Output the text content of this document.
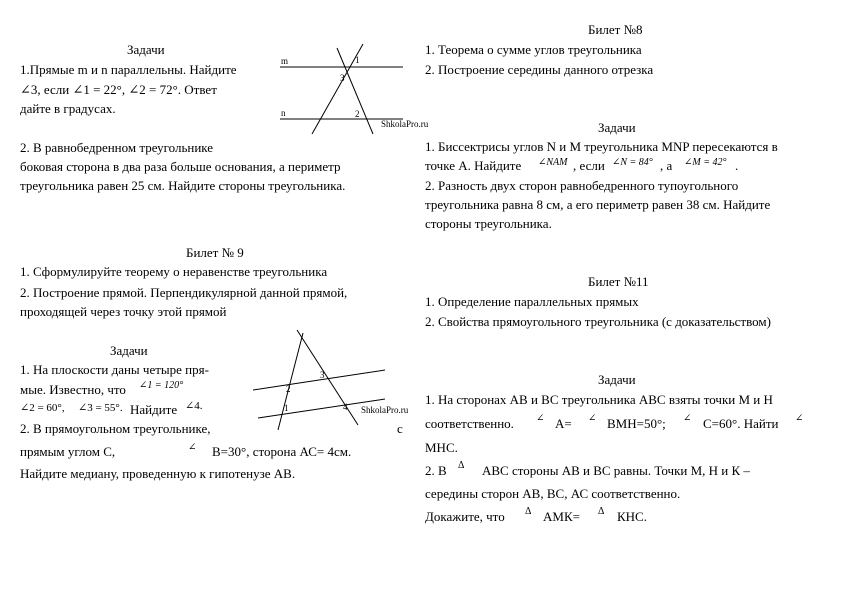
Задачи
1.Прямые m и n параллельны. Найдите
∠3, если ∠1 = 22°, ∠2 = 72°. Ответ
дайте в градусах.
2. В равнобедренном треугольнике
боковая сторона в два раза больше основания, а периметр
треугольника равен 25 см. Найдите стороны треугольника.
m
n
1
3
2
ShkolaPro.ru
Билет № 9
1. Сформулируйте теорему о неравенстве треугольника
2. Построение прямой. Перпендикулярной данной прямой,
проходящей через точку этой прямой
Задачи
1. На плоскости даны четыре пря-
мые. Известно, что ∠1 = 120°
∠2 = 60°, ∠3 = 55°. Найдите ∠4.
2. В прямоугольном треугольнике,	с
прямым углом С,	∠ В=30°, сторона АС= 4см.
Найдите медиану, проведенную к гипотенузе АВ.
3
2
1	4 ShkolaPro.ru
Билет №8
1. Теорема о сумме углов треугольника
2. Построение середины данного отрезка
Задачи
1. Биссектрисы углов N и M треугольника MNP пересекаются в
точке A. Найдите ∠NAM , если ∠N = 84° , а ∠M = 42° .
2. Разность двух сторон равнобедренного тупоугольного
треугольника равна 8 см, а его периметр равен 38 см. Найдите
стороны треугольника.
Билет №11
1. Определение параллельных прямых
2. Свойства прямоугольного треугольника (с доказательством)
Задачи
1. На сторонах АВ и ВС треугольника АВС взяты точки М и Н
соответственно. ∠ А= ∠ ВМН=50°; ∠ С=60°. Найти ∠
МНС.
2. В Δ АВС стороны АВ и ВС равны. Точки М, Н и К –
середины сторон АВ, ВС, АС соответственно.
Докажите, что Δ АМК= Δ КНС.
